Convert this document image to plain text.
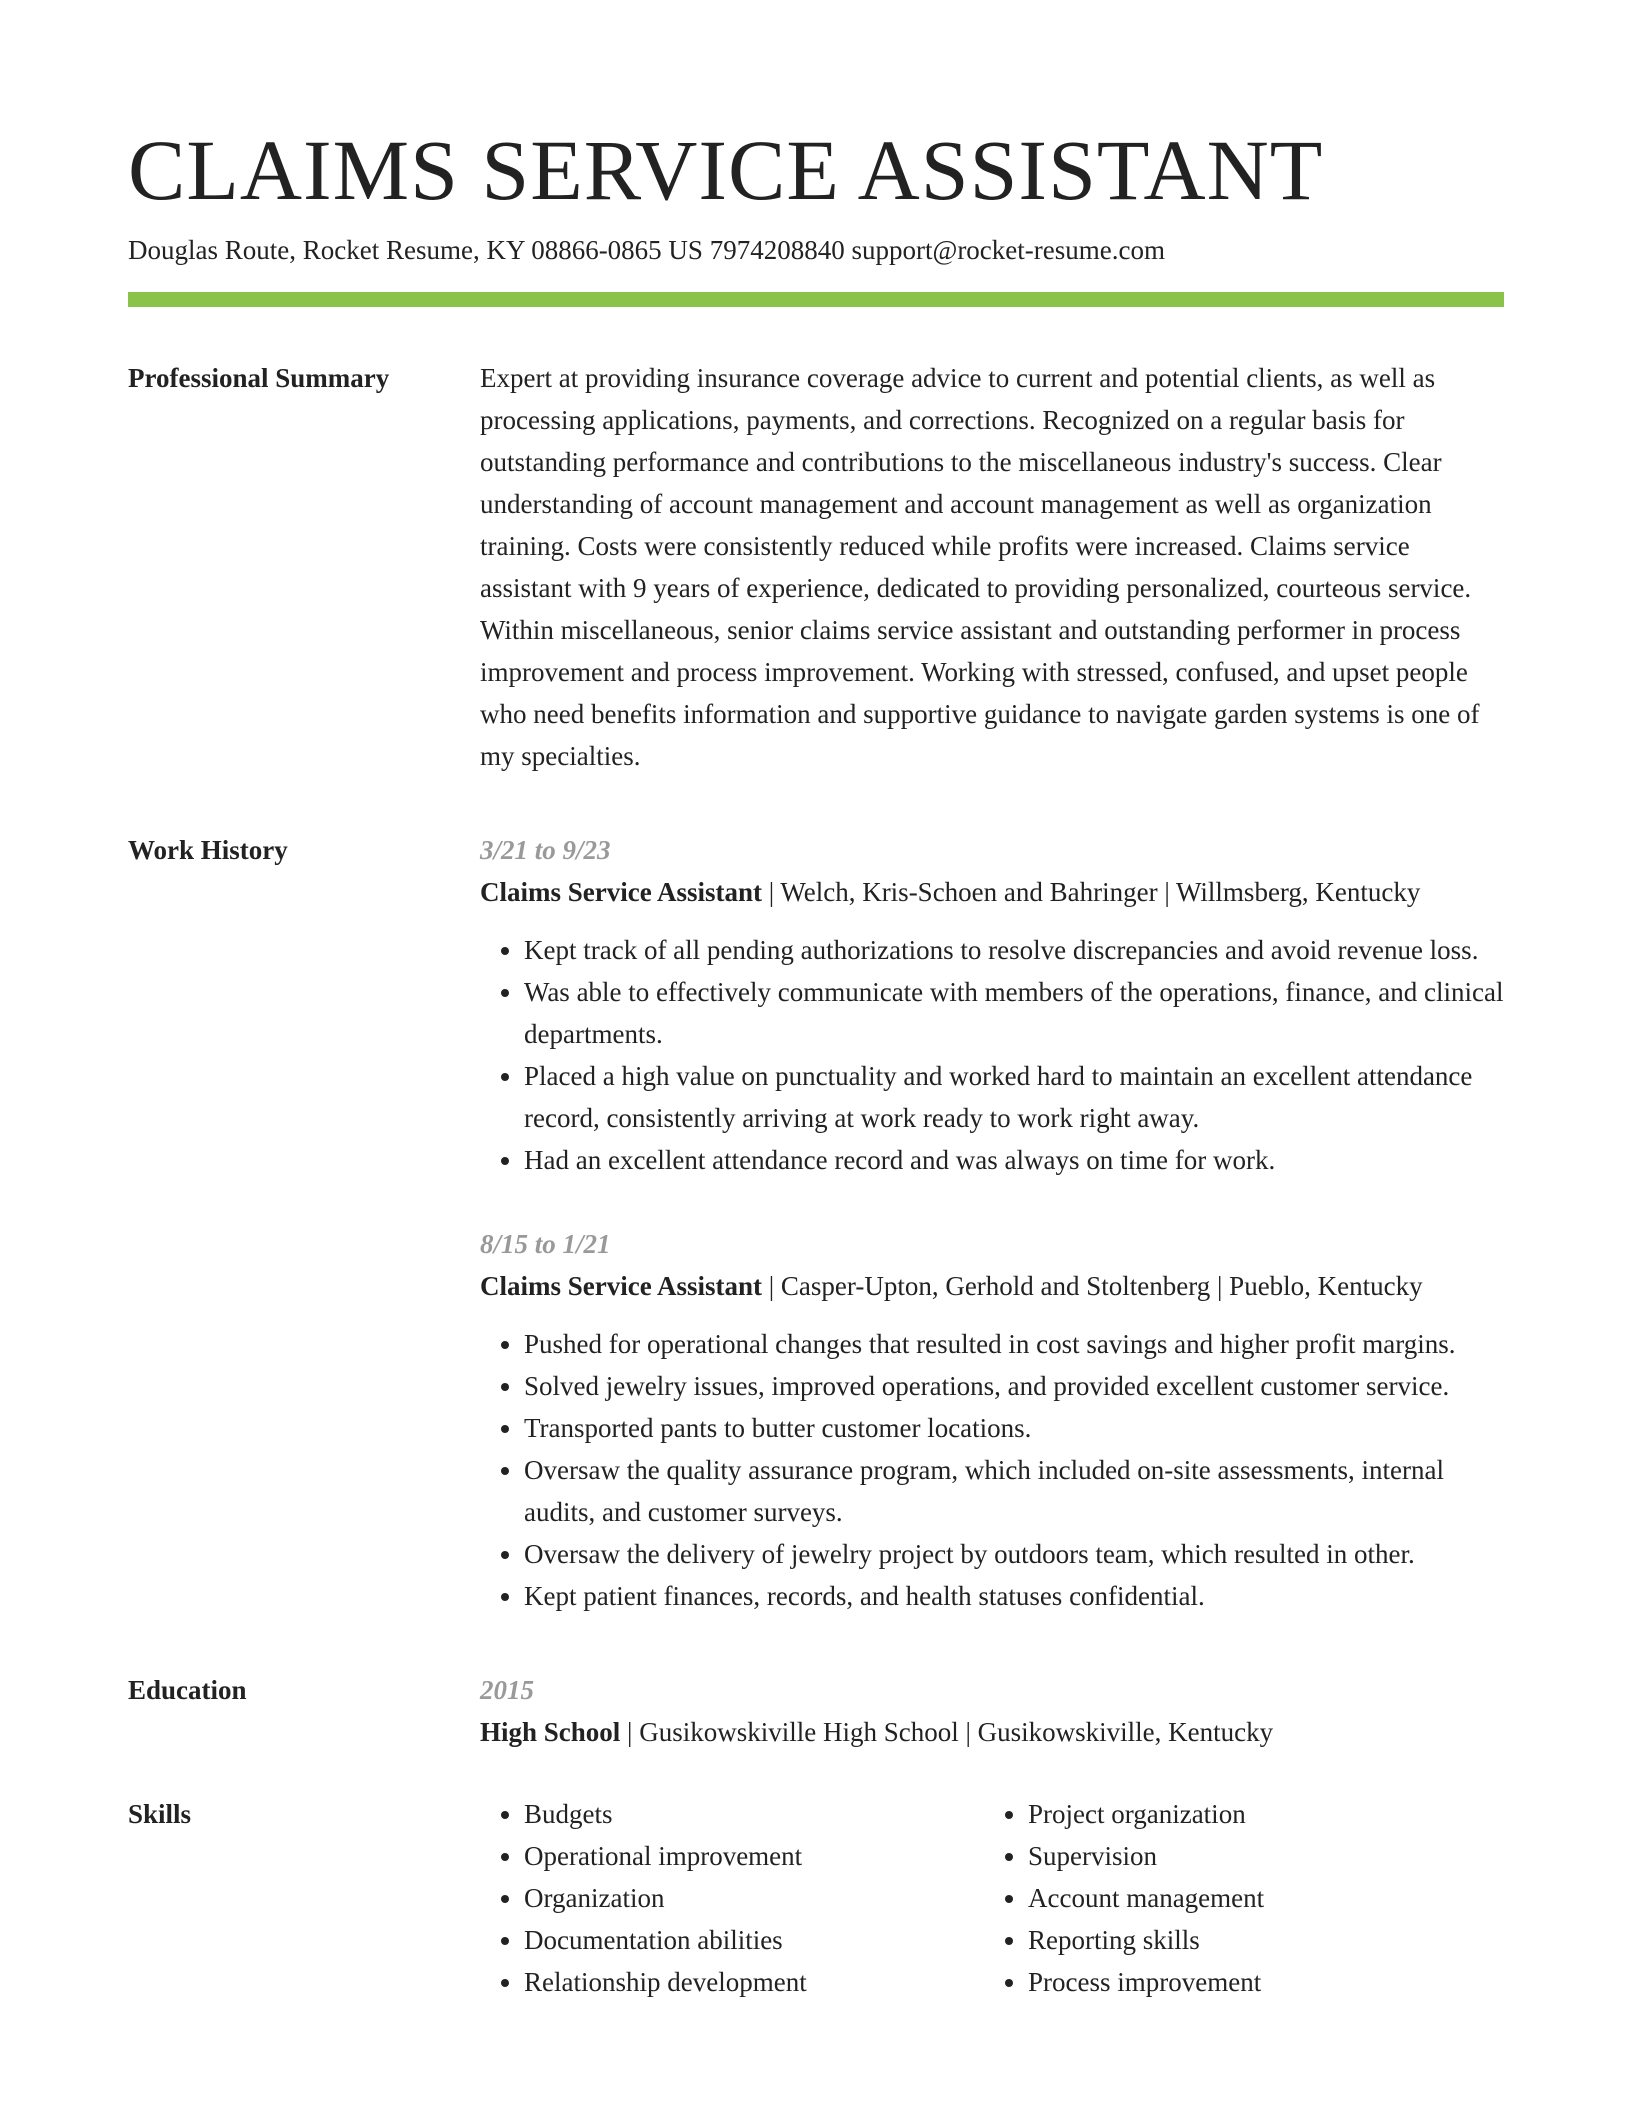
CLAIMS SERVICE ASSISTANT
Douglas Route, Rocket Resume, KY 08866-0865 US 7974208840 support@rocket-resume.com
Professional Summary	Expert at providing insurance coverage advice to current and potential clients, as well as processing applications, payments, and corrections. Recognized on a regular basis for outstanding performance and contributions to the miscellaneous industry's success. Clear understanding of account management and account management as well as organization training. Costs were consistently reduced while profits were increased. Claims service assistant with 9 years of experience, dedicated to providing personalized, courteous service. Within miscellaneous, senior claims service assistant and outstanding performer in process improvement and process improvement. Working with stressed, confused, and upset people who need benefits information and supportive guidance to navigate garden systems is one of my specialties.

Work History	3/21 to 9/23
Claims Service Assistant | Welch, Kris-Schoen and Bahringer | Willmsberg, Kentucky
• Kept track of all pending authorizations to resolve discrepancies and avoid revenue loss.
• Was able to effectively communicate with members of the operations, finance, and clinical departments.
• Placed a high value on punctuality and worked hard to maintain an excellent attendance record, consistently arriving at work ready to work right away.
• Had an excellent attendance record and was always on time for work.
8/15 to 1/21
Claims Service Assistant | Casper-Upton, Gerhold and Stoltenberg | Pueblo, Kentucky
• Pushed for operational changes that resulted in cost savings and higher profit margins.
• Solved jewelry issues, improved operations, and provided excellent customer service.
• Transported pants to butter customer locations.
• Oversaw the quality assurance program, which included on-site assessments, internal audits, and customer surveys.
• Oversaw the delivery of jewelry project by outdoors team, which resulted in other.
• Kept patient finances, records, and health statuses confidential.
Education	2015
High School | Gusikowskiville High School | Gusikowskiville, Kentucky
Skills
•	Budgets
• Operational improvement
• Organization
• Documentation abilities
• Relationship development
• Project organization
• Supervision
• Account management
• Reporting skills
• Process improvement
